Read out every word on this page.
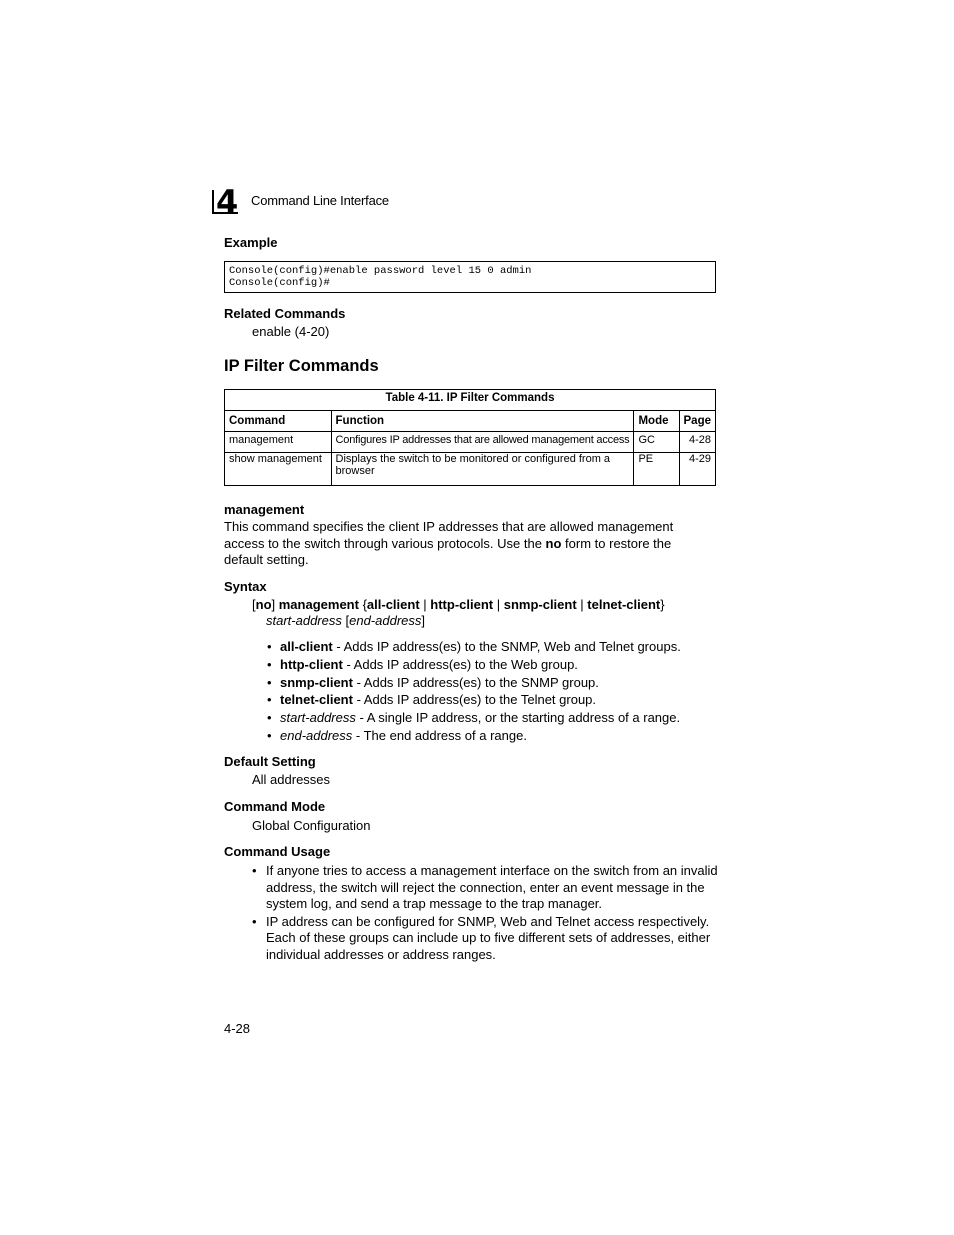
4 Command Line Interface
Example
Console(config)#enable password level 15 0 admin
Console(config)#
Related Commands
enable (4-20)
IP Filter Commands
Table 4-11. IP Filter Commands			
Command	Function	Mode	Page
management	Configures IP addresses that are allowed management access	GC	4-28
show management	Displays the switch to be monitored or configured from a browser	PE	4-29
management
This command specifies the client IP addresses that are allowed management access to the switch through various protocols. Use the no form to restore the default setting.
Syntax
[no] management {all-client | http-client | snmp-client | telnet-client}
start-address [end-address]
• all-client - Adds IP address(es) to the SNMP, Web and Telnet groups.
• http-client - Adds IP address(es) to the Web group.
• snmp-client - Adds IP address(es) to the SNMP group.
• telnet-client - Adds IP address(es) to the Telnet group.
• start-address - A single IP address, or the starting address of a range.
• end-address - The end address of a range.
Default Setting
All addresses
Command Mode
Global Configuration
Command Usage
• If anyone tries to access a management interface on the switch from an invalid address, the switch will reject the connection, enter an event message in the system log, and send a trap message to the trap manager.
• IP address can be configured for SNMP, Web and Telnet access respectively. Each of these groups can include up to five different sets of addresses, either individual addresses or address ranges.
4-28
